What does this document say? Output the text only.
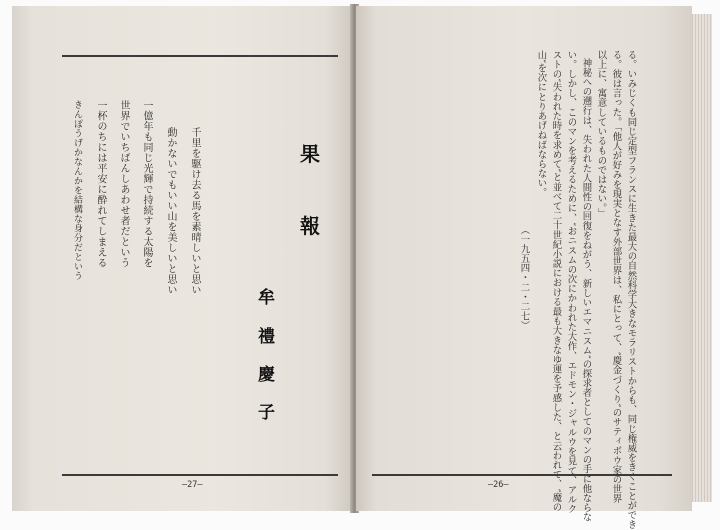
果
報
牟
禮
慶
子
千里を駆け去る馬を素晴しいと思い
動かないでもいい山を美しいと思い
一億年も同じ光輝で持続する太陽を
世界でいちばんしあわせ者だという
一杯のちには平安に酔れてしまえる
きんぽうげかなんかを結構な身分だという
—27—	る。いみじくも同じ定型フランスに生きた最大の自然科学大きなモラリストからも、同じ権威をきくことができ
る。彼は言った。「他人が好みを現実となす外部世界は、私にとって、″慶金づくり″のサティボウ家の世界
以上に、寓意しているものではない。」
神秘への遡行は、失われた人間性の回復をねがう、新しいエマニスム″の探求者としてのマンの手に他ならな
い。しかし、このマンを考えるために、″おニスムの次にかわれた大作、エドモン・ジャルウを見て、アルク
ストの″失われた時を求めて″と並べて二十世紀小説における最も大きなゆ運を予感した、と云われて、″魔の
山″を次にとりあげねばならない。
（一九五四・二・二七）
—26—
